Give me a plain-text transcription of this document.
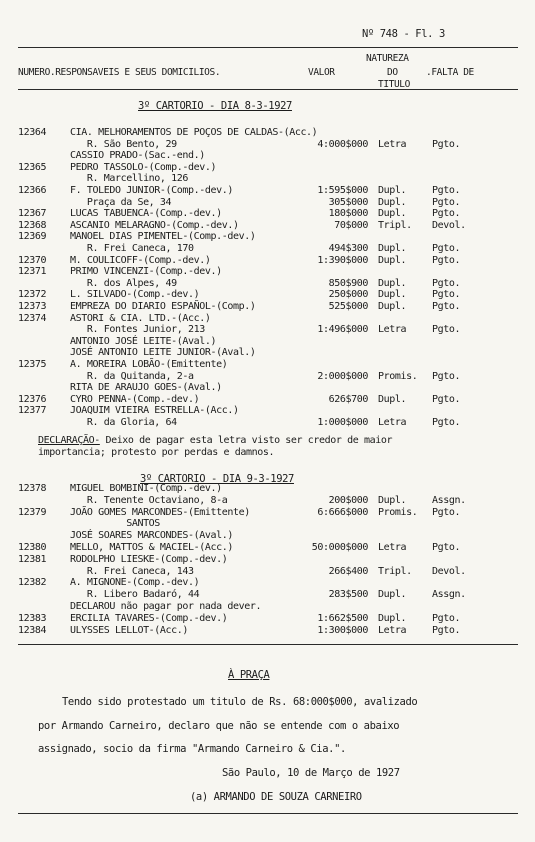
Nº 748 - Fl. 3
NUMERO.RESPONSAVEIS E SEUS DOMICILIOS.	VALOR
NATUREZA
DO
TITULO
.FALTA DE
3º CARTORIO - DIA 8-3-1927
12364 CIA. MELHORAMENTOS DE POÇOS DE CALDAS-(Acc.)
R. São Bento, 29	4:000$000 Letra	Pgto.
CASSIO PRADO-(Sac.-end.)
12365 PEDRO TASSOLO-(Comp.-dev.)
R. Marcellino, 126
12366 F. TOLEDO JUNIOR-(Comp.-dev.)	1:595$000 Dupl.	Pgto.
Praça da Se, 34	305$000 Dupl.	Pgto.
12367 LUCAS TABUENCA-(Comp.-dev.)	180$000 Dupl.	Pgto.
12368 ASCANIO MELARAGNO-(Comp.-dev.)	70$000 Tripl. Devol.
12369 MANOEL DIAS PIMENTEL-(Comp.-dev.)
R. Frei Caneca, 170	494$300 Dupl.	Pgto.
12370 M. COULICOFF-(Comp.-dev.)	1:390$000 Dupl.	Pgto.
12371 PRIMO VINCENZI-(Comp.-dev.)
R. dos Alpes, 49	850$900 Dupl.	Pgto.
12372 L. SILVADO-(Comp.-dev.)	250$000 Dupl.	Pgto.
12373 EMPREZA DO DIARIO ESPAÑOL-(Comp.)	525$000 Dupl.	Pgto.
12374 ASTORI & CIA. LTD.-(Acc.)
R. Fontes Junior, 213	1:496$000 Letra	Pgto.
ANTONIO JOSÉ LEITE-(Aval.)
JOSÉ ANTONIO LEITE JUNIOR-(Aval.)
12375 A. MOREIRA LOBÃO-(Emittente)
R. da Quitanda, 2-a	2:000$000 Promis. Pgto.
RITA DE ARAUJO GOES-(Aval.)
12376 CYRO PENNA-(Comp.-dev.)	626$700 Dupl.	Pgto.
12377 JOAQUIM VIEIRA ESTRELLA-(Acc.)
R. da Gloria, 64	1:000$000 Letra	Pgto.
DECLARAÇÃO- Deixo de pagar esta letra visto ser credor de maior
importancia; protesto por perdas e damnos.
3º CARTORIO - DIA 9-3-1927
12378 MIGUEL BOMBINI-(Comp.-dev.)
R. Tenente Octaviano, 8-a	200$000 Dupl.	Assgn.
12379 JOÃO GOMES MARCONDES-(Emittente)	6:666$000 Promis. Pgto.
SANTOS
JOSÉ SOARES MARCONDES-(Aval.)
12380 MELLO, MATTOS & MACIEL-(Acc.)	50:000$000 Letra	Pgto.
12381 RODOLPHO LIESKE-(Comp.-dev.)
R. Frei Caneca, 143	266$400 Tripl. Devol.
12382 A. MIGNONE-(Comp.-dev.)
R. Libero Badaró, 44	283$500 Dupl.	Assgn.
DECLAROU não pagar por nada dever.
12383 ERCILIA TAVARES-(Comp.-dev.)	1:662$500 Dupl.	Pgto.
12384 ULYSSES LELLOT-(Acc.)	1:300$000 Letra	Pgto.
À PRAÇA
Tendo sido protestado um titulo de Rs. 68:000$000, avalizado
por Armando Carneiro, declaro que não se entende com o abaixo
assignado, socio da firma "Armando Carneiro & Cia.".
São Paulo, 10 de Março de 1927
(a) ARMANDO DE SOUZA CARNEIRO
